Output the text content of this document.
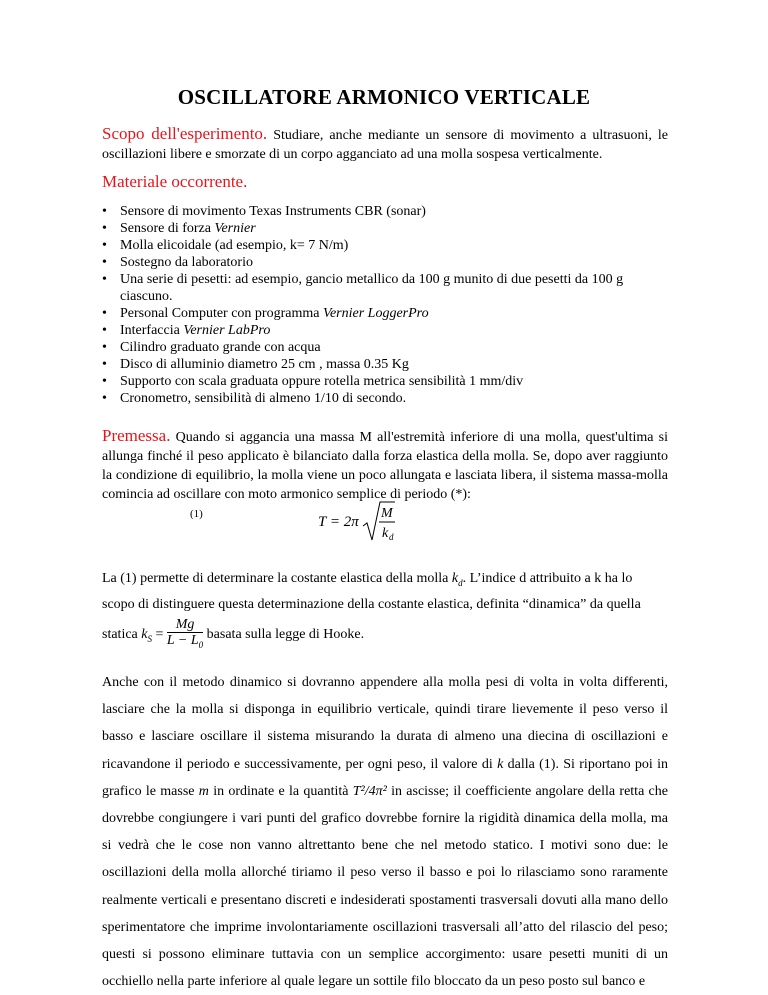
OSCILLATORE ARMONICO VERTICALE
Scopo dell'esperimento. Studiare, anche mediante un sensore di movimento a ultrasuoni, le oscillazioni libere e smorzate di un corpo agganciato ad una molla sospesa verticalmente.
Materiale occorrente.
• Sensore di movimento Texas Instruments CBR (sonar)
• Sensore di forza Vernier
• Molla elicoidale (ad esempio, k= 7 N/m)
• Sostegno da laboratorio
• Una serie di pesetti: ad esempio, gancio metallico da 100 g munito di due pesetti da 100 g ciascuno.
• Personal Computer con programma Vernier LoggerPro
• Interfaccia Vernier LabPro
• Cilindro graduato grande con acqua
• Disco di alluminio diametro 25 cm , massa 0.35 Kg
• Supporto con scala graduata oppure rotella metrica sensibilità 1 mm/div
• Cronometro, sensibilità di almeno 1/10 di secondo.
Premessa. Quando si aggancia una massa M all'estremità inferiore di una molla, quest'ultima si allunga finché il peso applicato è bilanciato dalla forza elastica della molla. Se, dopo aver raggiunto la condizione di equilibrio, la molla viene un poco allungata e lasciata libera, il sistema massa-molla comincia ad oscillare con moto armonico semplice di periodo (*):
(1)	T = 2π M
k d
La (1) permette di determinare la costante elastica della molla $k_d$. L’indice d attribuito a k ha lo
scopo di distinguere questa determinazione della costante elastica, definita “dinamica” da quella
statica $k_S = \frac{Mg}{L - L_0}$ basata sulla legge di Hooke.
Anche con il metodo dinamico si dovranno appendere alla molla pesi di volta in volta differenti, lasciare che la molla si disponga in equilibrio verticale, quindi tirare lievemente il peso verso il basso e lasciare oscillare il sistema misurando la durata di almeno una diecina di oscillazioni e ricavandone il periodo e successivamente, per ogni peso, il valore di k dalla (1). Si riportano poi in grafico le masse m in ordinate e la quantità T²/4π² in ascisse; il coefficiente angolare della retta che dovrebbe congiungere i vari punti del grafico dovrebbe fornire la rigidità dinamica della molla, ma si vedrà che le cose non vanno altrettanto bene che nel metodo statico. I motivi sono due: le oscillazioni della molla allorché tiriamo il peso verso il basso e poi lo rilasciamo sono raramente realmente verticali e presentano discreti e indesiderati spostamenti trasversali dovuti alla mano dello sperimentatore che imprime involontariamente oscillazioni trasversali all’atto del rilascio del peso; questi si possono eliminare tuttavia con un semplice accorgimento: usare pesetti muniti di un occhiello nella parte inferiore al quale legare un sottile filo bloccato da un peso posto sul banco e
